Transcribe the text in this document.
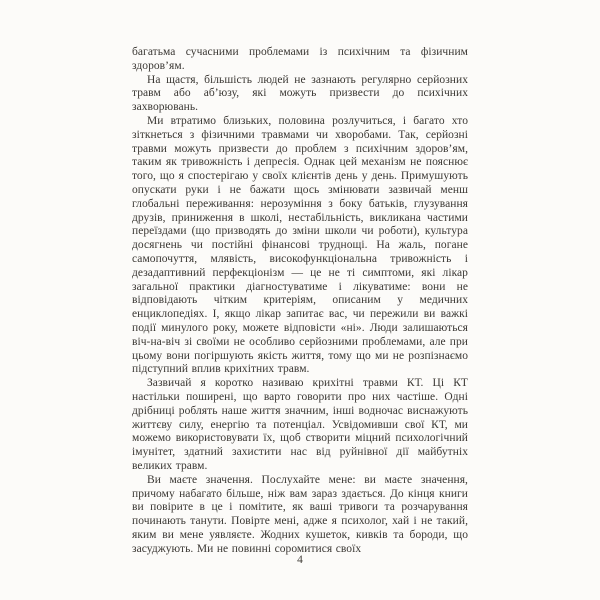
багатьма сучасними проблемами із психічним та фізичним здоров’ям.

На щастя, більшість людей не зазнають регулярно серйозних травм або аб’юзу, які можуть призвести до психічних захворювань.

Ми втратимо близьких, половина розлучиться, і багато хто зіткнеться з фізичними травмами чи хворобами. Так, серйозні травми можуть призвести до проблем з психічним здоров’ям, таким як тривожність і депресія. Однак цей механізм не пояснює того, що я спостерігаю у своїх клієнтів день у день. Примушують опускати руки і не бажати щось змінювати зазвичай менш глобальні переживання: нерозуміння з боку батьків, глузування друзів, приниження в школі, нестабільність, викликана частими переїздами (що призводять до зміни школи чи роботи), культура досягнень чи постійні фінансові труднощі. На жаль, погане самопочуття, млявість, високофункціональна тривожність і дезадаптивний перфекціонізм — це не ті симптоми, які лікар загальної практики діагностуватиме і лікуватиме: вони не відповідають чітким критеріям, описаним у медичних енциклопедіях. І, якщо лікар запитає вас, чи пережили ви важкі події минулого року, можете відповісти «ні». Люди залишаються віч-на-віч зі своїми не особливо серйозними проблемами, але при цьому вони погіршують якість життя, тому що ми не розпізнаємо підступний вплив крихітних травм.

Зазвичай я коротко називаю крихітні травми КТ. Ці КТ настільки поширені, що варто говорити про них частіше. Одні дрібниці роблять наше життя значним, інші водночас виснажують життєву силу, енергію та потенціал. Усвідомивши свої КТ, ми можемо використовувати їх, щоб створити міцний психологічний імунітет, здатний захистити нас від руйнівної дії майбутніх великих травм.

Ви маєте значення. Послухайте мене: ви маєте значення, причому набагато більше, ніж вам зараз здається. До кінця книги ви повірите в це і помітите, як ваші тривоги та розчарування починають танути. Повірте мені, адже я психолог, хай і не такий, яким ви мене уявляєте. Жодних кушеток, кивків та бороди, що засуджують. Ми не повинні соромитися своїх

4
